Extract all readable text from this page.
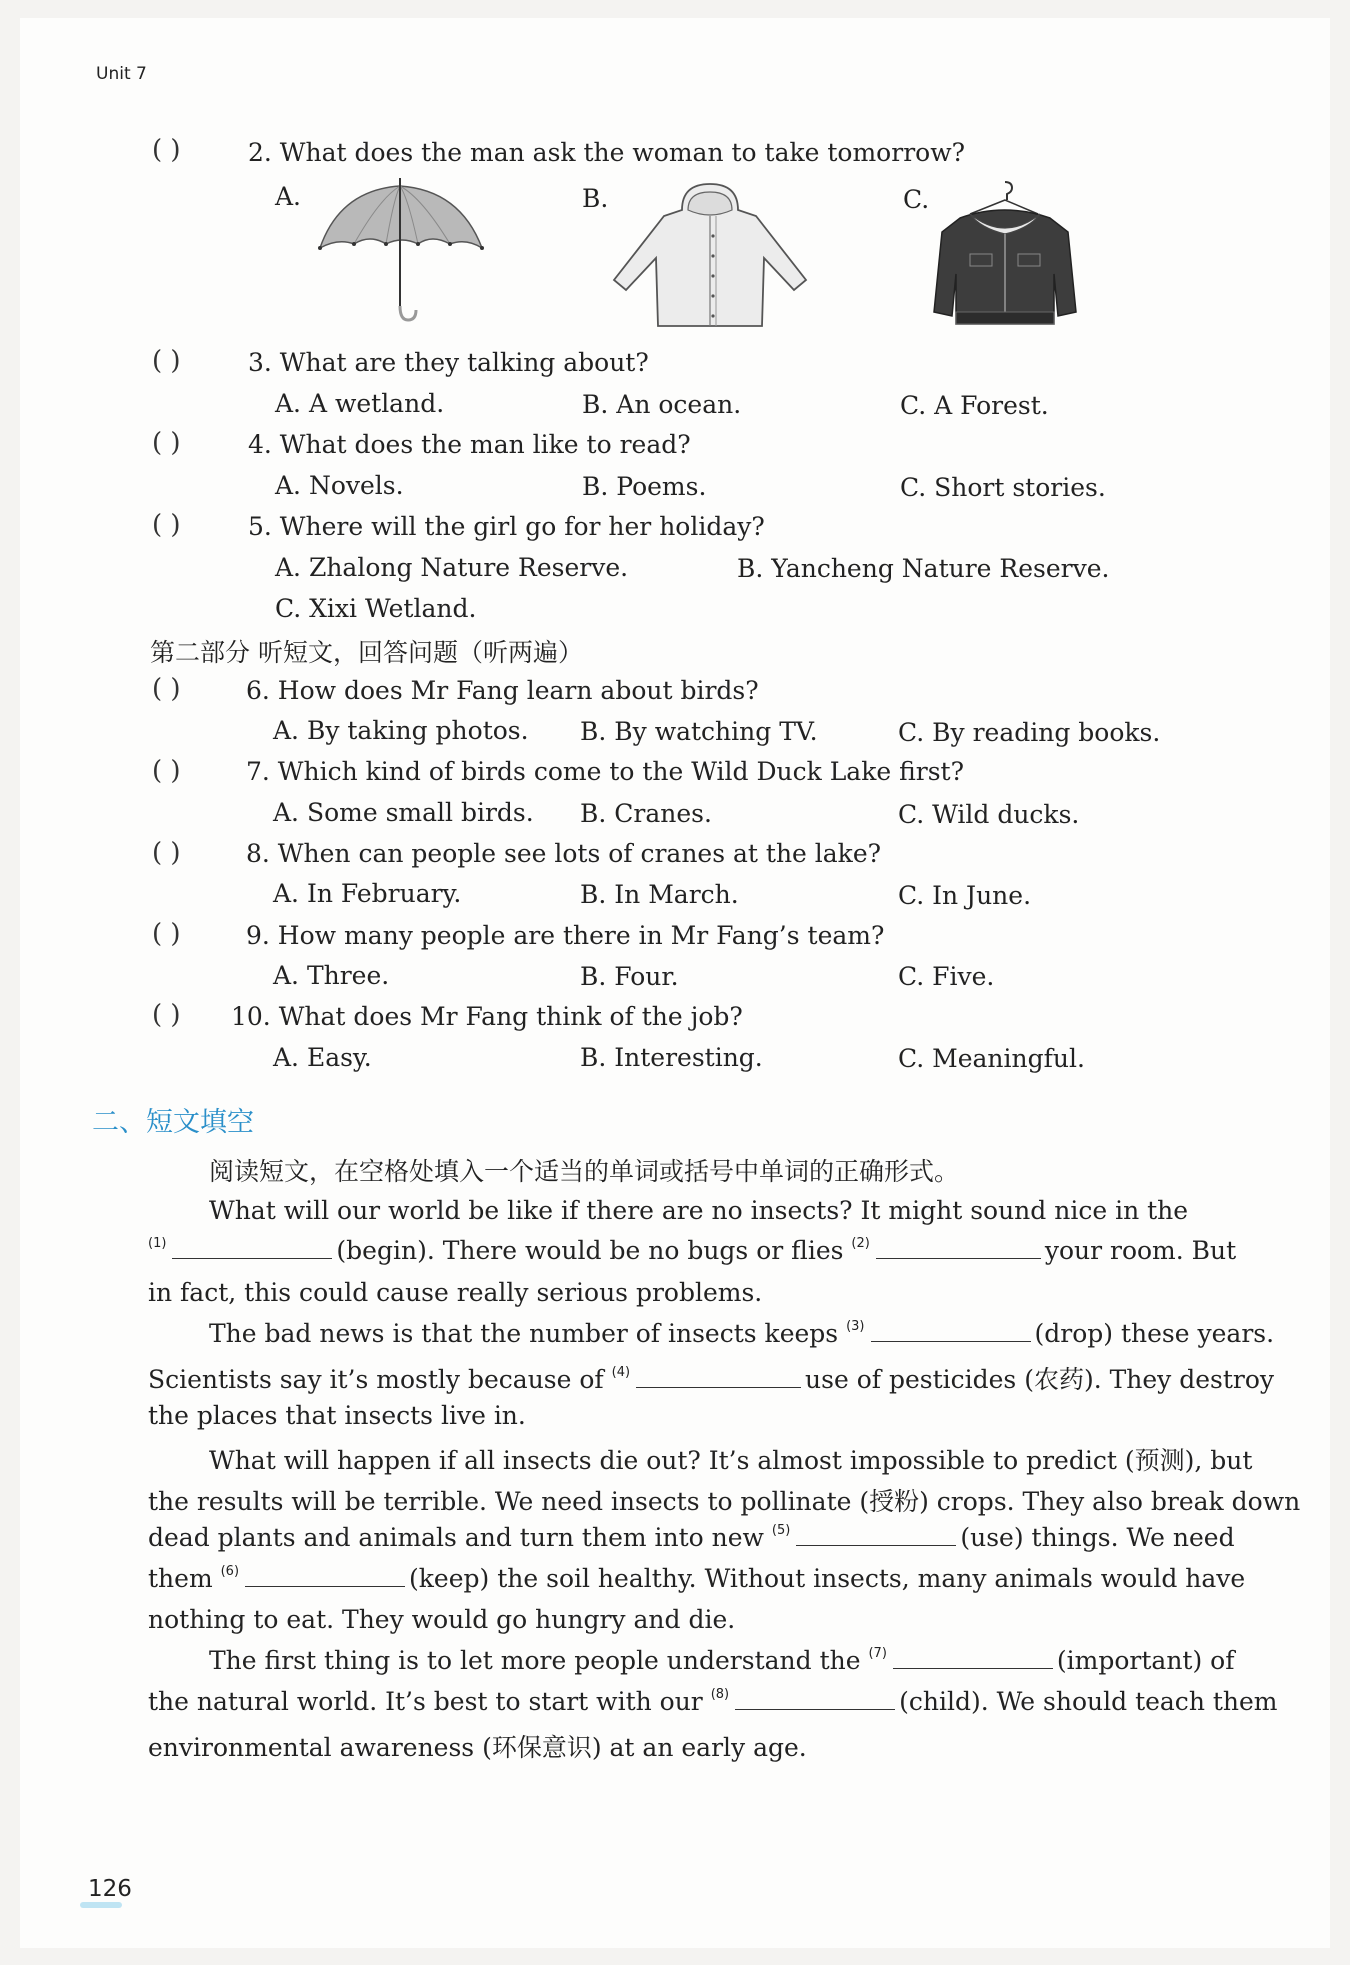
Unit 7
( )	2. What does the man ask the woman to take tomorrow?
A.	B.	C.
( )	3. What are they talking about?
A. A wetland.	B. An ocean.	C. A Forest.
( )	4. What does the man like to read?
A. Novels.	B. Poems.	C. Short stories.
( )	5. Where will the girl go for her holiday?
A. Zhalong Nature Reserve.	B. Yancheng Nature Reserve.
C. Xixi Wetland.
第二部分 听短文，回答问题（听两遍）
( )	6. How does Mr Fang learn about birds?
A. By taking photos. B. By watching TV.	C. By reading books.
( )	7. Which kind of birds come to the Wild Duck Lake first?
A. Some small birds. B. Cranes.	C. Wild ducks.
( )	8. When can people see lots of cranes at the lake?
A. In February.	B. In March.	C. In June.
( )	9. How many people are there in Mr Fang’s team?
A. Three.	B. Four.	C. Five.
( ) 10. What does Mr Fang think of the job?
A. Easy.	B. Interesting.	C. Meaningful.
二、短文填空
阅读短文，在空格处填入一个适当的单词或括号中单词的正确形式。
What will our world be like if there are no insects? It might sound nice in the
$^{(1)}$	(begin). There would be no bugs or flies $^{(2)}$	your room. But
in fact, this could cause really serious problems.
The bad news is that the number of insects keeps $^{(3)}$	(drop) these years.
Scientists say it’s mostly because of $^{(4)}$	use of pesticides (农药). They destroy
the places that insects live in.
What will happen if all insects die out? It’s almost impossible to predict (预测), but
the results will be terrible. We need insects to pollinate (授粉) crops. They also break down
dead plants and animals and turn them into new $^{(5)}$	(use) things. We need
them $^{(6)}$	(keep) the soil healthy. Without insects, many animals would have
nothing to eat. They would go hungry and die.
The first thing is to let more people understand the $^{(7)}$	(important) of
the natural world. It’s best to start with our $^{(8)}$	(child). We should teach them
environmental awareness (环保意识) at an early age.
126
